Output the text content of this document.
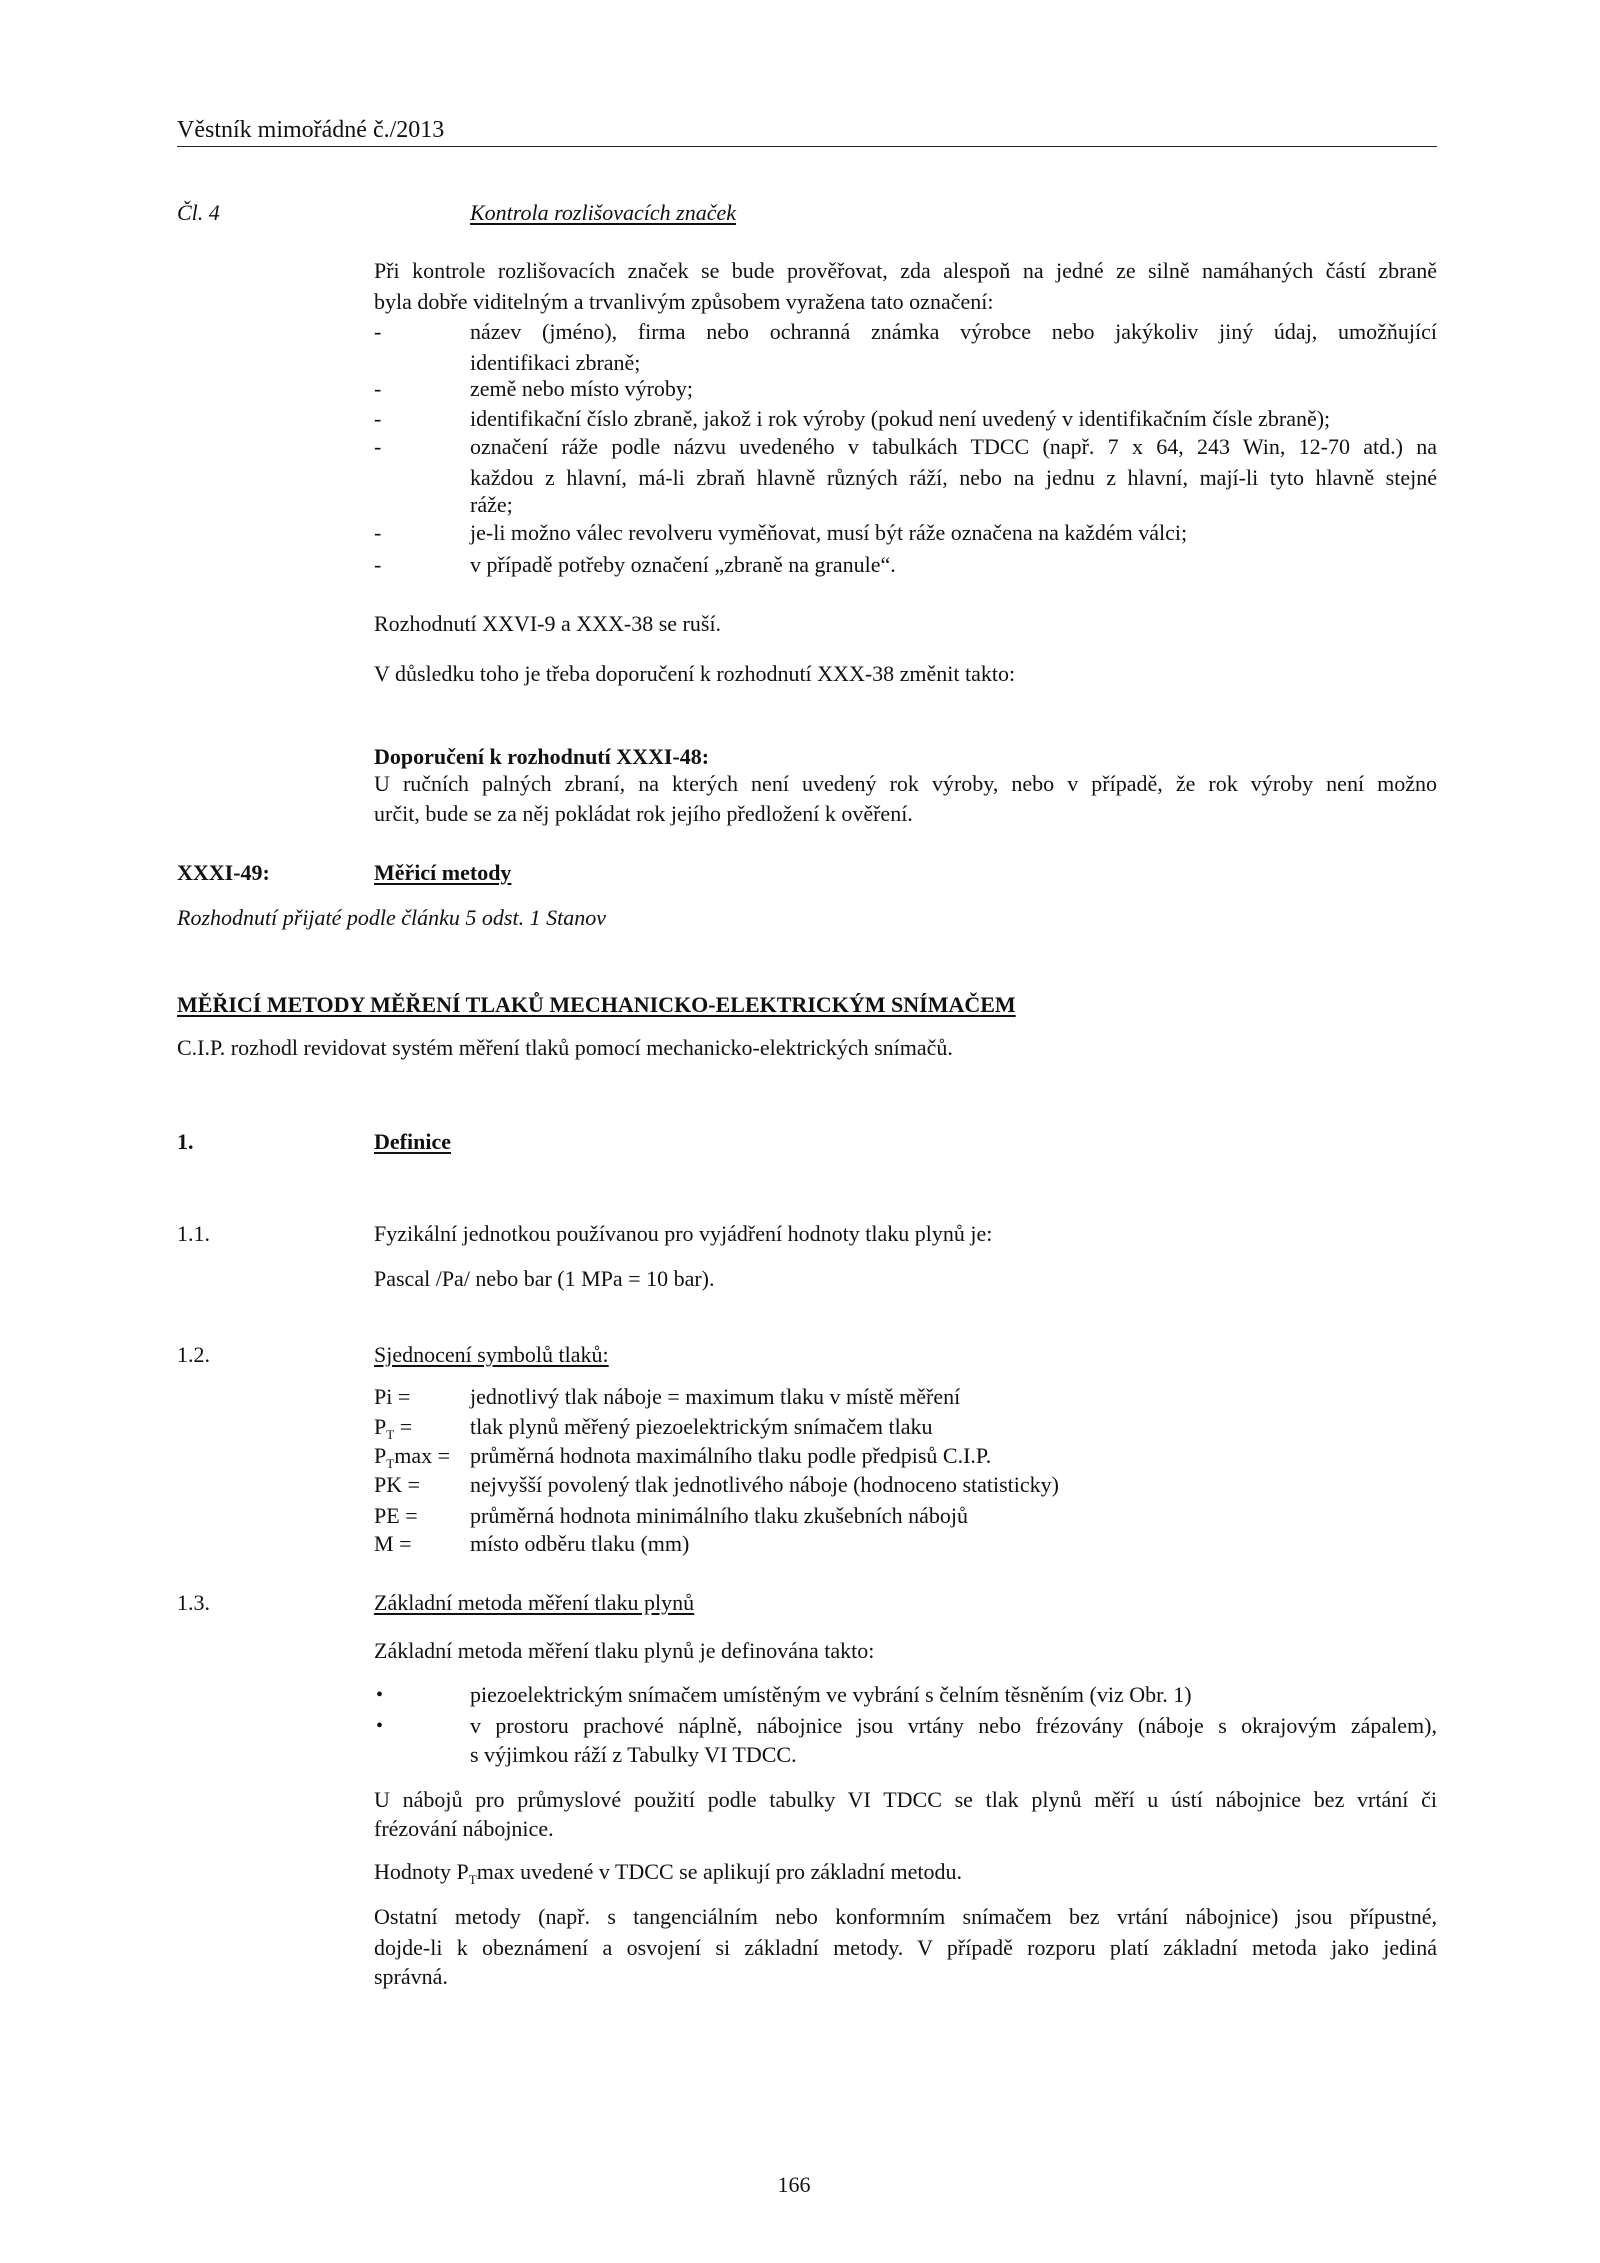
Věstník mimořádné č./2013
Čl. 4	Kontrola rozlišovacích značek
Při kontrole rozlišovacích značek se bude prověřovat, zda alespoň na jedné ze silně namáhaných částí zbraně
byla dobře viditelným a trvanlivým způsobem vyražena tato označení:
-	název (jméno), firma nebo ochranná známka výrobce nebo jakýkoliv jiný údaj, umožňující
identifikaci zbraně;
-	země nebo místo výroby;
-	identifikační číslo zbraně, jakož i rok výroby (pokud není uvedený v identifikačním čísle zbraně);
-	označení ráže podle názvu uvedeného v tabulkách TDCC (např. 7 x 64, 243 Win, 12-70 atd.) na
každou z hlavní, má-li zbraň hlavně různých ráží, nebo na jednu z hlavní, mají-li tyto hlavně stejné
ráže;
-	je-li možno válec revolveru vyměňovat, musí být ráže označena na každém válci;
-	v případě potřeby označení „zbraně na granule“.
Rozhodnutí XXVI-9 a XXX-38 se ruší.
V důsledku toho je třeba doporučení k rozhodnutí XXX-38 změnit takto:
Doporučení k rozhodnutí XXXI-48:
U ručních palných zbraní, na kterých není uvedený rok výroby, nebo v případě, že rok výroby není možno
určit, bude se za něj pokládat rok jejího předložení k ověření.
XXXI-49:	Měřicí metody
Rozhodnutí přijaté podle článku 5 odst. 1 Stanov
MĚŘICÍ METODY MĚŘENÍ TLAKŮ MECHANICKO-ELEKTRICKÝM SNÍMAČEM
C.I.P. rozhodl revidovat systém měření tlaků pomocí mechanicko-elektrických snímačů.
1.	Definice
1.1.	Fyzikální jednotkou používanou pro vyjádření hodnoty tlaku plynů je:
Pascal /Pa/ nebo bar (1 MPa = 10 bar).
1.2.	Sjednocení symbolů tlaků:
Pi =	jednotlivý tlak náboje = maximum tlaku v místě měření
$P_T$ =	tlak plynů měřený piezoelektrickým snímačem tlaku
$P_T\max$ = průměrná hodnota maximálního tlaku podle předpisů C.I.P.
PK = nejvyšší povolený tlak jednotlivého náboje (hodnoceno statisticky)
PE = průměrná hodnota minimálního tlaku zkušebních nábojů
M =	místo odběru tlaku (mm)
1.3.	Základní metoda měření tlaku plynů
Základní metoda měření tlaku plynů je definována takto:
•	piezoelektrickým snímačem umístěným ve vybrání s čelním těsněním (viz Obr. 1)
•	v prostoru prachové náplně, nábojnice jsou vrtány nebo frézovány (náboje s okrajovým zápalem),
s výjimkou ráží z Tabulky VI TDCC.
U nábojů pro průmyslové použití podle tabulky VI TDCC se tlak plynů měří u ústí nábojnice bez vrtání či
frézování nábojnice.
Hodnoty $P_T\max$ uvedené v TDCC se aplikují pro základní metodu.
Ostatní metody (např. s tangenciálním nebo konformním snímačem bez vrtání nábojnice) jsou přípustné,
dojde-li k obeznámení a osvojení si základní metody. V případě rozporu platí základní metoda jako jediná
správná.
166
